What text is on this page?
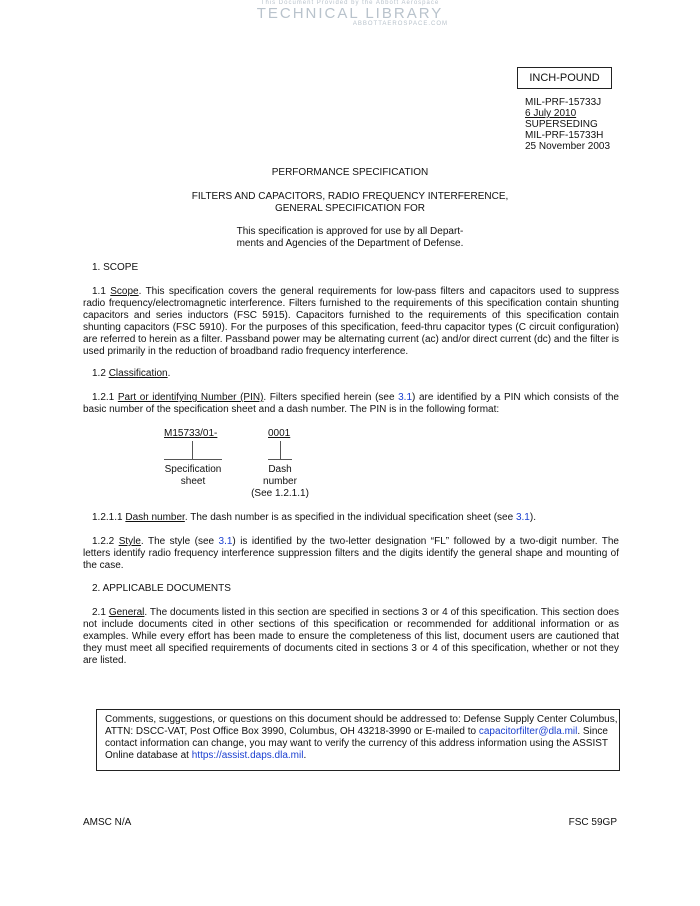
This Document Provided by the Abbott Aerospace
TECHNICAL LIBRARY
ABBOTTAEROSPACE.COM
INCH-POUND
MIL-PRF-15733J
6 July 2010
SUPERSEDING
MIL-PRF-15733H
25 November 2003
PERFORMANCE SPECIFICATION
FILTERS AND CAPACITORS, RADIO FREQUENCY INTERFERENCE,
GENERAL SPECIFICATION FOR
This specification is approved for use by all Depart-
ments and Agencies of the Department of Defense.
1. SCOPE
1.1 Scope. This specification covers the general requirements for low-pass filters and capacitors used to suppress radio frequency/electromagnetic interference. Filters furnished to the requirements of this specification contain shunting capacitors and series inductors (FSC 5915). Capacitors furnished to the requirements of this specification contain shunting capacitors (FSC 5910). For the purposes of this specification, feed-thru capacitor types (C circuit configuration) are referred to herein as a filter. Passband power may be alternating current (ac) and/or direct current (dc) and the filter is used primarily in the reduction of broadband radio frequency interference.
1.2 Classification.
1.2.1 Part or identifying Number (PIN). Filters specified herein (see 3.1) are identified by a PIN which consists of the basic number of the specification sheet and a dash number. The PIN is in the following format:
M15733/01-	0001
Specification
sheet
Dash
number
(See 1.2.1.1)
1.2.1.1 Dash number. The dash number is as specified in the individual specification sheet (see 3.1).
1.2.2 Style. The style (see 3.1) is identified by the two-letter designation “FL” followed by a two-digit number. The letters identify radio frequency interference suppression filters and the digits identify the general shape and mounting of the case.
2. APPLICABLE DOCUMENTS
2.1 General. The documents listed in this section are specified in sections 3 or 4 of this specification. This section does not include documents cited in other sections of this specification or recommended for additional information or as examples. While every effort has been made to ensure the completeness of this list, document users are cautioned that they must meet all specified requirements of documents cited in sections 3 or 4 of this specification, whether or not they are listed.
Comments, suggestions, or questions on this document should be addressed to: Defense Supply Center Columbus, ATTN: DSCC-VAT, Post Office Box 3990, Columbus, OH 43218-3990 or E-mailed to capacitorfilter@dla.mil. Since contact information can change, you may want to verify the currency of this address information using the ASSIST Online database at https://assist.daps.dla.mil.
AMSC N/A	FSC 59GP
